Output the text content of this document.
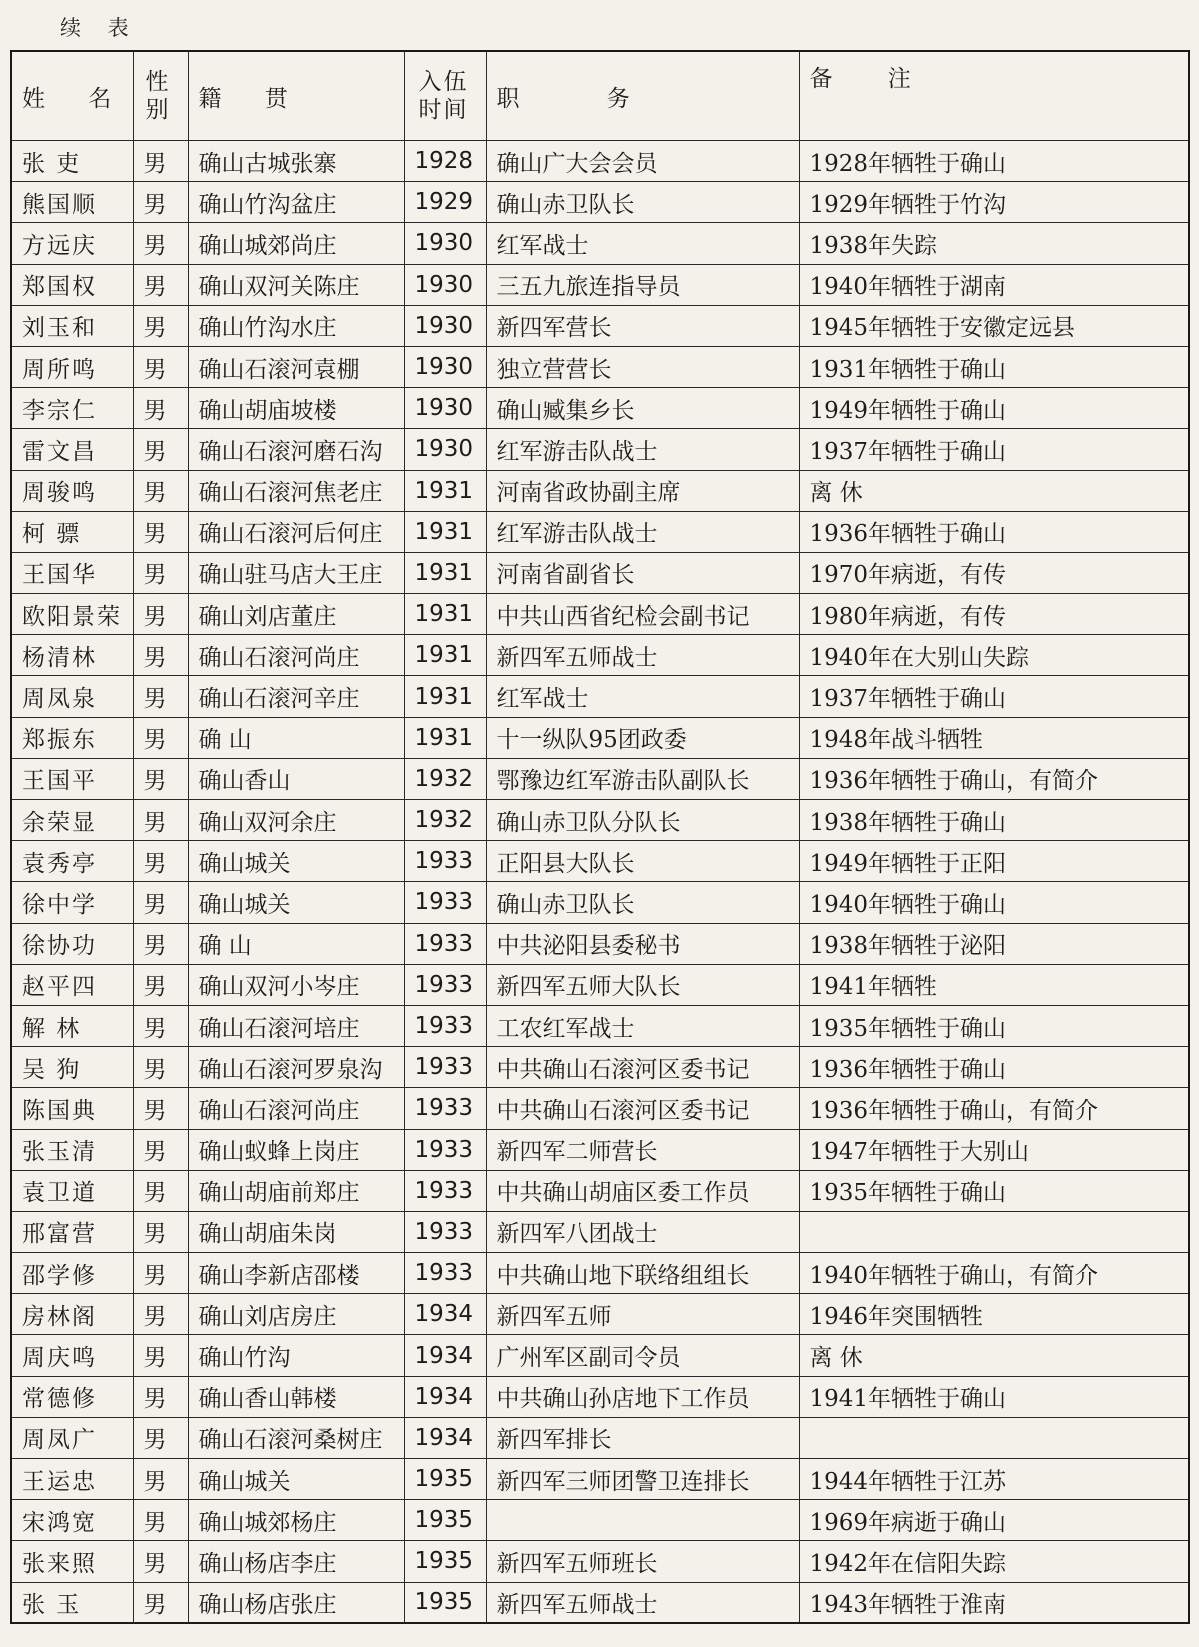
续 表
姓 名	性别	籍 贯	入伍时间	职 务	备 注
张 吏	男	确山古城张寨	1928	确山广大会会员	1928年牺牲于确山
熊国顺	男	确山竹沟盆庄	1929	确山赤卫队长	1929年牺牲于竹沟
方远庆	男	确山城郊尚庄	1930	红军战士	1938年失踪
郑国权	男	确山双河关陈庄	1930	三五九旅连指导员	1940年牺牲于湖南
刘玉和	男	确山竹沟水庄	1930	新四军营长	1945年牺牲于安徽定远县
周所鸣	男	确山石滚河袁棚	1930	独立营营长	1931年牺牲于确山
李宗仁	男	确山胡庙坡楼	1930	确山臧集乡长	1949年牺牲于确山
雷文昌	男	确山石滚河磨石沟	1930	红军游击队战士	1937年牺牲于确山
周骏鸣	男	确山石滚河焦老庄	1931	河南省政协副主席	离 休
柯 骠	男	确山石滚河后何庄	1931	红军游击队战士	1936年牺牲于确山
王国华	男	确山驻马店大王庄	1931	河南省副省长	1970年病逝，有传
欧阳景荣	男	确山刘店董庄	1931	中共山西省纪检会副书记	1980年病逝，有传
杨清林	男	确山石滚河尚庄	1931	新四军五师战士	1940年在大别山失踪
周凤泉	男	确山石滚河辛庄	1931	红军战士	1937年牺牲于确山
郑振东	男	确 山	1931	十一纵队95团政委	1948年战斗牺牲
王国平	男	确山香山	1932	鄂豫边红军游击队副队长	1936年牺牲于确山，有简介
余荣显	男	确山双河余庄	1932	确山赤卫队分队长	1938年牺牲于确山
袁秀亭	男	确山城关	1933	正阳县大队长	1949年牺牲于正阳
徐中学	男	确山城关	1933	确山赤卫队长	1940年牺牲于确山
徐协功	男	确 山	1933	中共泌阳县委秘书	1938年牺牲于泌阳
赵平四	男	确山双河小岑庄	1933	新四军五师大队长	1941年牺牲
解 林	男	确山石滚河培庄	1933	工农红军战士	1935年牺牲于确山
吴 狗	男	确山石滚河罗泉沟	1933	中共确山石滚河区委书记	1936年牺牲于确山
陈国典	男	确山石滚河尚庄	1933	中共确山石滚河区委书记	1936年牺牲于确山，有简介
张玉清	男	确山蚁蜂上岗庄	1933	新四军二师营长	1947年牺牲于大别山
袁卫道	男	确山胡庙前郑庄	1933	中共确山胡庙区委工作员	1935年牺牲于确山
邢富营	男	确山胡庙朱岗	1933	新四军八团战士	
邵学修	男	确山李新店邵楼	1933	中共确山地下联络组组长	1940年牺牲于确山，有简介
房林阁	男	确山刘店房庄	1934	新四军五师	1946年突围牺牲
周庆鸣	男	确山竹沟	1934	广州军区副司令员	离 休
常德修	男	确山香山韩楼	1934	中共确山孙店地下工作员	1941年牺牲于确山
周凤广	男	确山石滚河桑树庄	1934	新四军排长	
王运忠	男	确山城关	1935	新四军三师团警卫连排长	1944年牺牲于江苏
宋鸿宽	男	确山城郊杨庄	1935		1969年病逝于确山
张来照	男	确山杨店李庄	1935	新四军五师班长	1942年在信阳失踪
张 玉	男	确山杨店张庄	1935	新四军五师战士	1943年牺牲于淮南
